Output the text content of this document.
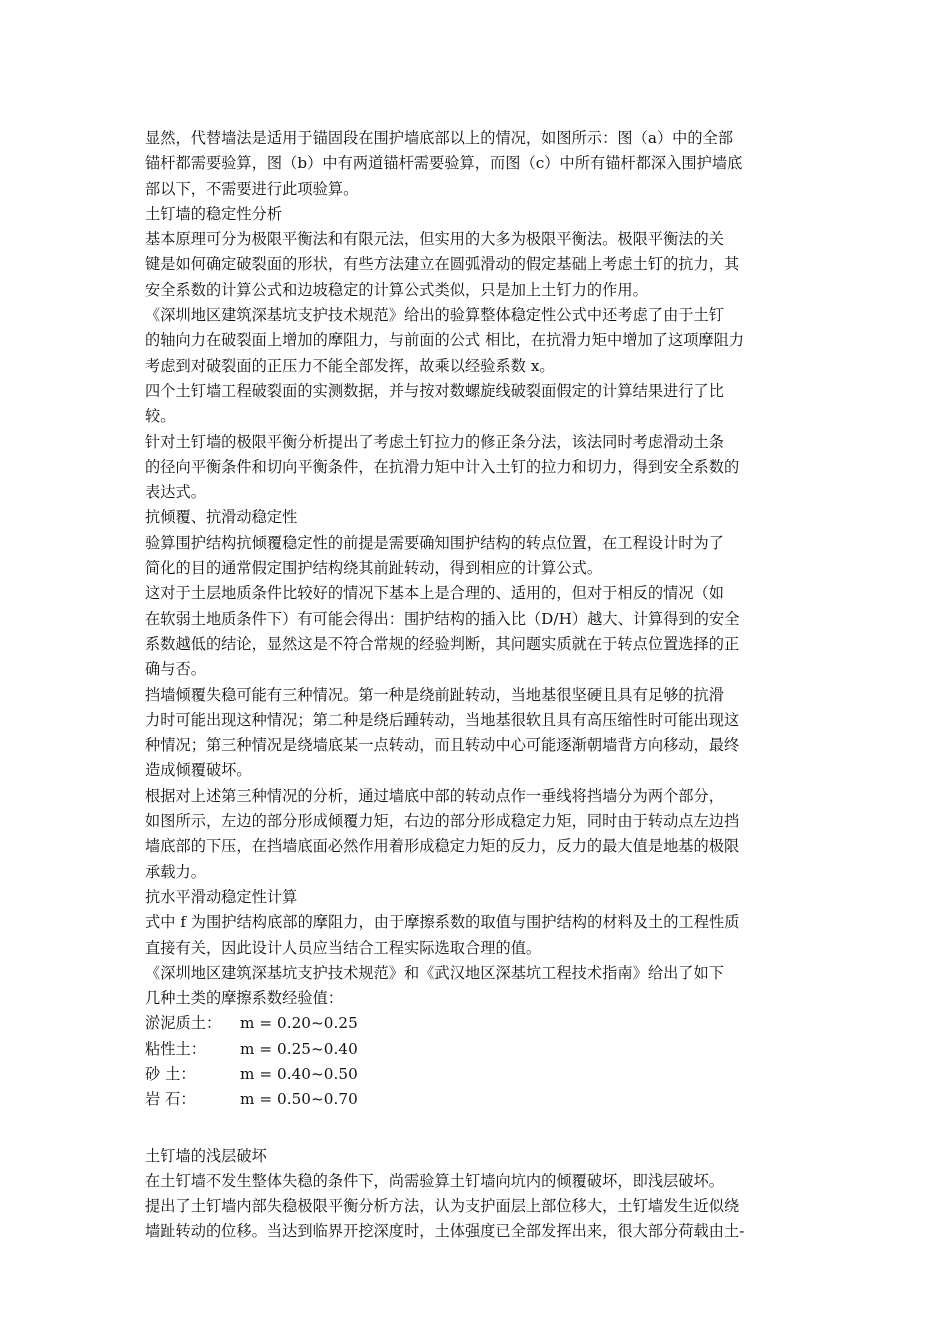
显然，代替墙法是适用于锚固段在围护墙底部以上的情况，如图所示：图（a）中的全部
锚杆都需要验算，图（b）中有两道锚杆需要验算，而图（c）中所有锚杆都深入围护墙底
部以下，不需要进行此项验算。
土钉墙的稳定性分析
基本原理可分为极限平衡法和有限元法，但实用的大多为极限平衡法。极限平衡法的关
键是如何确定破裂面的形状，有些方法建立在圆弧滑动的假定基础上考虑土钉的抗力，其
安全系数的计算公式和边坡稳定的计算公式类似，只是加上土钉力的作用。
《深圳地区建筑深基坑支护技术规范》给出的验算整体稳定性公式中还考虑了由于土钉
的轴向力在破裂面上增加的摩阻力，与前面的公式 相比，在抗滑力矩中增加了这项摩阻力
考虑到对破裂面的正压力不能全部发挥，故乘以经验系数 x。
四个土钉墙工程破裂面的实测数据，并与按对数螺旋线破裂面假定的计算结果进行了比
较。
针对土钉墙的极限平衡分析提出了考虑土钉拉力的修正条分法，该法同时考虑滑动土条
的径向平衡条件和切向平衡条件，在抗滑力矩中计入土钉的拉力和切力，得到安全系数的
表达式。
抗倾覆、抗滑动稳定性
验算围护结构抗倾覆稳定性的前提是需要确知围护结构的转点位置，在工程设计时为了
简化的目的通常假定围护结构绕其前趾转动，得到相应的计算公式。
这对于土层地质条件比较好的情况下基本上是合理的、适用的，但对于相反的情况（如
在软弱土地质条件下）有可能会得出：围护结构的插入比（D/H）越大、计算得到的安全
系数越低的结论，显然这是不符合常规的经验判断，其问题实质就在于转点位置选择的正
确与否。
挡墙倾覆失稳可能有三种情况。第一种是绕前趾转动，当地基很坚硬且具有足够的抗滑
力时可能出现这种情况；第二种是绕后踵转动，当地基很软且具有高压缩性时可能出现这
种情况；第三种情况是绕墙底某一点转动，而且转动中心可能逐渐朝墙背方向移动，最终
造成倾覆破坏。
根据对上述第三种情况的分析，通过墙底中部的转动点作一垂线将挡墙分为两个部分，
如图所示，左边的部分形成倾覆力矩，右边的部分形成稳定力矩，同时由于转动点左边挡
墙底部的下压，在挡墙底面必然作用着形成稳定力矩的反力，反力的最大值是地基的极限
承载力。
抗水平滑动稳定性计算
式中 f 为围护结构底部的摩阻力，由于摩擦系数的取值与围护结构的材料及土的工程性质
直接有关，因此设计人员应当结合工程实际选取合理的值。
《深圳地区建筑深基坑支护技术规范》和《武汉地区深基坑工程技术指南》给出了如下
几种土类的摩擦系数经验值：
淤泥质土： m = 0.20~0.25
粘性土： m = 0.25~0.40
砂 土：	m = 0.40~0.50
岩 石：	m = 0.50~0.70
土钉墙的浅层破坏
在土钉墙不发生整体失稳的条件下，尚需验算土钉墙向坑内的倾覆破坏，即浅层破坏。
提出了土钉墙内部失稳极限平衡分析方法，认为支护面层上部位移大，土钉墙发生近似绕
墙趾转动的位移。当达到临界开挖深度时，土体强度已全部发挥出来，很大部分荷载由土-
